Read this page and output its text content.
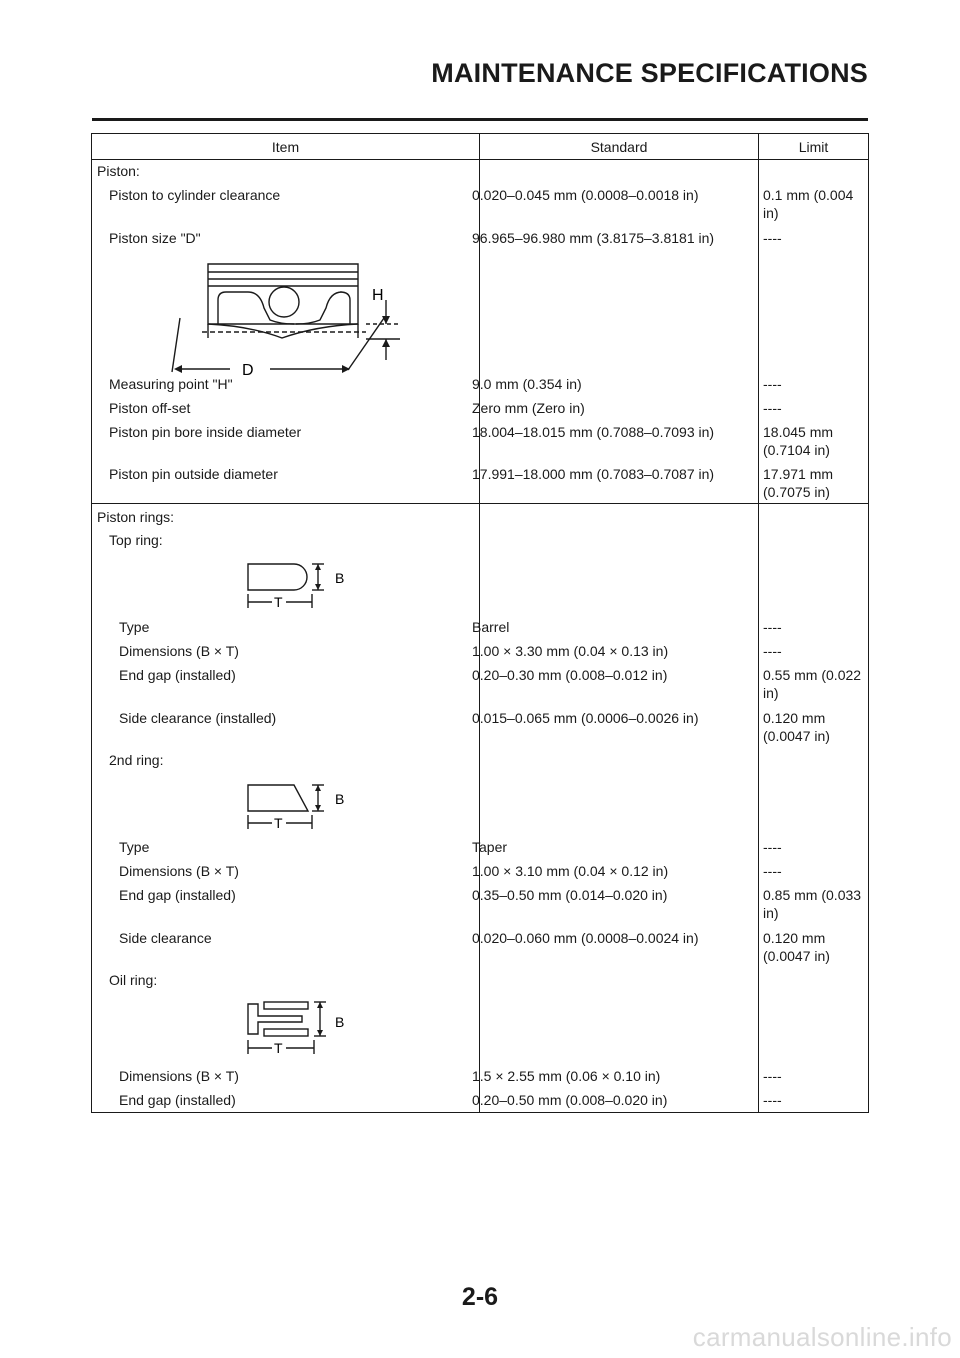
MAINTENANCE SPECIFICATIONS
Item	Standard	Limit
Piston:
Piston to cylinder clearance	0.020–0.045 mm (0.0008–0.0018 in)	0.1 mm (0.004 in)
Piston size "D"	96.965–96.980 mm (3.8175–3.8181 in)	----
H
D
Measuring point "H"	9.0 mm (0.354 in)	----
Piston off-set	Zero mm (Zero in)	----
Piston pin bore inside diameter	18.004–18.015 mm (0.7088–0.7093 in)	18.045 mm (0.7104 in)
Piston pin outside diameter	17.991–18.000 mm (0.7083–0.7087 in)	17.971 mm (0.7075 in)
Piston rings:
Top ring:
B
T
Type	Barrel	----
Dimensions (B × T)	1.00 × 3.30 mm (0.04 × 0.13 in)	----
End gap (installed)	0.20–0.30 mm (0.008–0.012 in)	0.55 mm (0.022 in)
Side clearance (installed)	0.015–0.065 mm (0.0006–0.0026 in)	0.120 mm (0.0047 in)
2nd ring:
B
T
Type	Taper	----
Dimensions (B × T)	1.00 × 3.10 mm (0.04 × 0.12 in)	----
End gap (installed)	0.35–0.50 mm (0.014–0.020 in)	0.85 mm (0.033 in)
Side clearance	0.020–0.060 mm (0.0008–0.0024 in)	0.120 mm (0.0047 in)
Oil ring:
B
T
Dimensions (B × T)	1.5 × 2.55 mm (0.06 × 0.10 in)	----
End gap (installed)	0.20–0.50 mm (0.008–0.020 in)	----
2-6
carmanualsonline.info
